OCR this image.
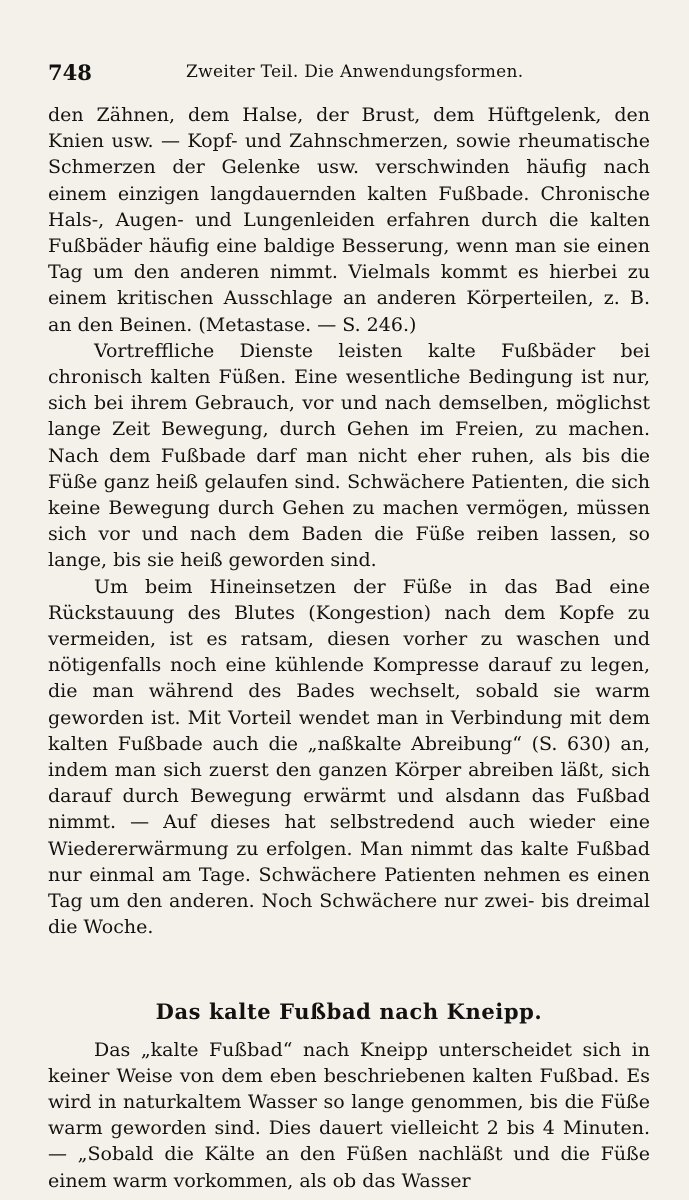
748	Zweiter Teil. Die Anwendungsformen.

den Zähnen, dem Halse, der Brust, dem Hüftgelenk, den Knien usw. — Kopf- und Zahnschmerzen, sowie rheumatische Schmerzen der Gelenke usw. verschwinden häufig nach einem einzigen langdauernden kalten Fußbade. Chronische Hals-, Augen- und Lungenleiden erfahren durch die kalten Fußbäder häufig eine baldige Besserung, wenn man sie einen Tag um den anderen nimmt. Vielmals kommt es hierbei zu einem kritischen Ausschlage an anderen Körperteilen, z. B. an den Beinen. (Metastase. — S. 246.)

Vortreffliche Dienste leisten kalte Fußbäder bei chronisch kalten Füßen. Eine wesentliche Bedingung ist nur, sich bei ihrem Gebrauch, vor und nach demselben, möglichst lange Zeit Bewegung, durch Gehen im Freien, zu machen. Nach dem Fußbade darf man nicht eher ruhen, als bis die Füße ganz heiß gelaufen sind. Schwächere Patienten, die sich keine Bewegung durch Gehen zu machen vermögen, müssen sich vor und nach dem Baden die Füße reiben lassen, so lange, bis sie heiß geworden sind.

Um beim Hineinsetzen der Füße in das Bad eine Rückstauung des Blutes (Kongestion) nach dem Kopfe zu vermeiden, ist es ratsam, diesen vorher zu waschen und nötigenfalls noch eine kühlende Kompresse darauf zu legen, die man während des Bades wechselt, sobald sie warm geworden ist. Mit Vorteil wendet man in Verbindung mit dem kalten Fußbade auch die „naßkalte Abreibung“ (S. 630) an, indem man sich zuerst den ganzen Körper abreiben läßt, sich darauf durch Bewegung erwärmt und alsdann das Fußbad nimmt. — Auf dieses hat selbstredend auch wieder eine Wiedererwärmung zu erfolgen. Man nimmt das kalte Fußbad nur einmal am Tage. Schwächere Patienten nehmen es einen Tag um den anderen. Noch Schwächere nur zwei- bis dreimal die Woche.

Das kalte Fußbad nach Kneipp.

Das „kalte Fußbad“ nach Kneipp unterscheidet sich in keiner Weise von dem eben beschriebenen kalten Fußbad. Es wird in naturkaltem Wasser so lange genommen, bis die Füße warm geworden sind. Dies dauert vielleicht 2 bis 4 Minuten. — „Sobald die Kälte an den Füßen nachläßt und die Füße einem warm vorkommen, als ob das Wasser
